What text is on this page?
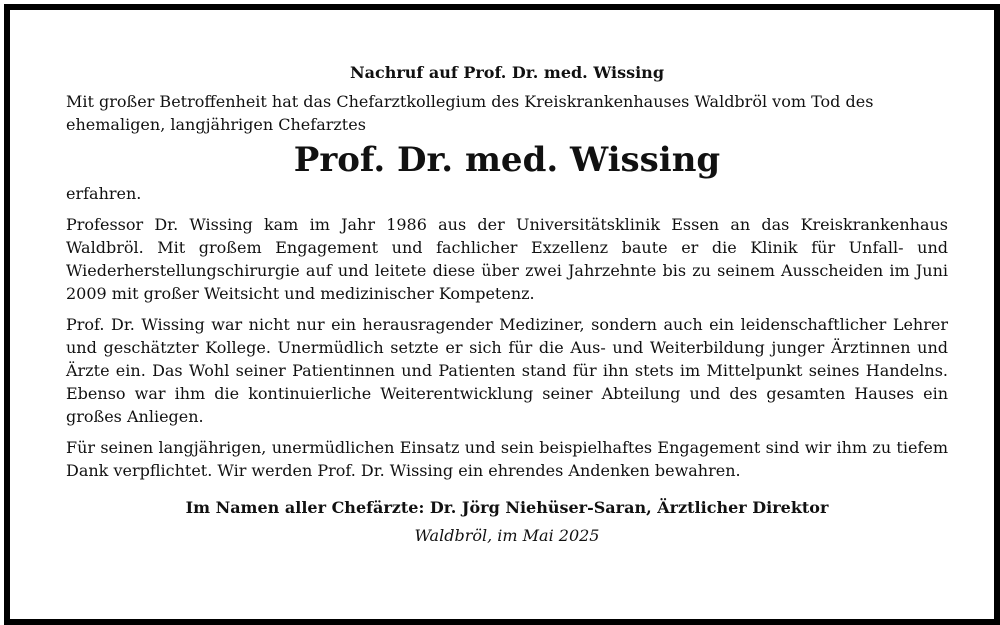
Nachruf auf Prof. Dr. med. Wissing

Mit großer Betroffenheit hat das Chefarztkollegium des Kreiskrankenhauses Waldbröl vom Tod des ehemaligen, langjährigen Chefarztes

Prof. Dr. med. Wissing

erfahren.

Professor Dr. Wissing kam im Jahr 1986 aus der Universitätsklinik Essen an das Kreiskrankenhaus Waldbröl. Mit großem Engagement und fachlicher Exzellenz baute er die Klinik für Unfall- und Wiederherstellungschirurgie auf und leitete diese über zwei Jahrzehnte bis zu seinem Ausscheiden im Juni 2009 mit großer Weitsicht und medizinischer Kompetenz.

Prof. Dr. Wissing war nicht nur ein herausragender Mediziner, sondern auch ein leidenschaftlicher Lehrer und geschätzter Kollege. Unermüdlich setzte er sich für die Aus- und Weiterbildung junger Ärztinnen und Ärzte ein. Das Wohl seiner Patientinnen und Patienten stand für ihn stets im Mittelpunkt seines Handelns. Ebenso war ihm die kontinuierliche Weiterentwicklung seiner Abteilung und des gesamten Hauses ein großes Anliegen.

Für seinen langjährigen, unermüdlichen Einsatz und sein beispielhaftes Engagement sind wir ihm zu tiefem Dank verpflichtet. Wir werden Prof. Dr. Wissing ein ehrendes Andenken bewahren.

Im Namen aller Chefärzte: Dr. Jörg Niehüser-Saran, Ärztlicher Direktor
Waldbröl, im Mai 2025
